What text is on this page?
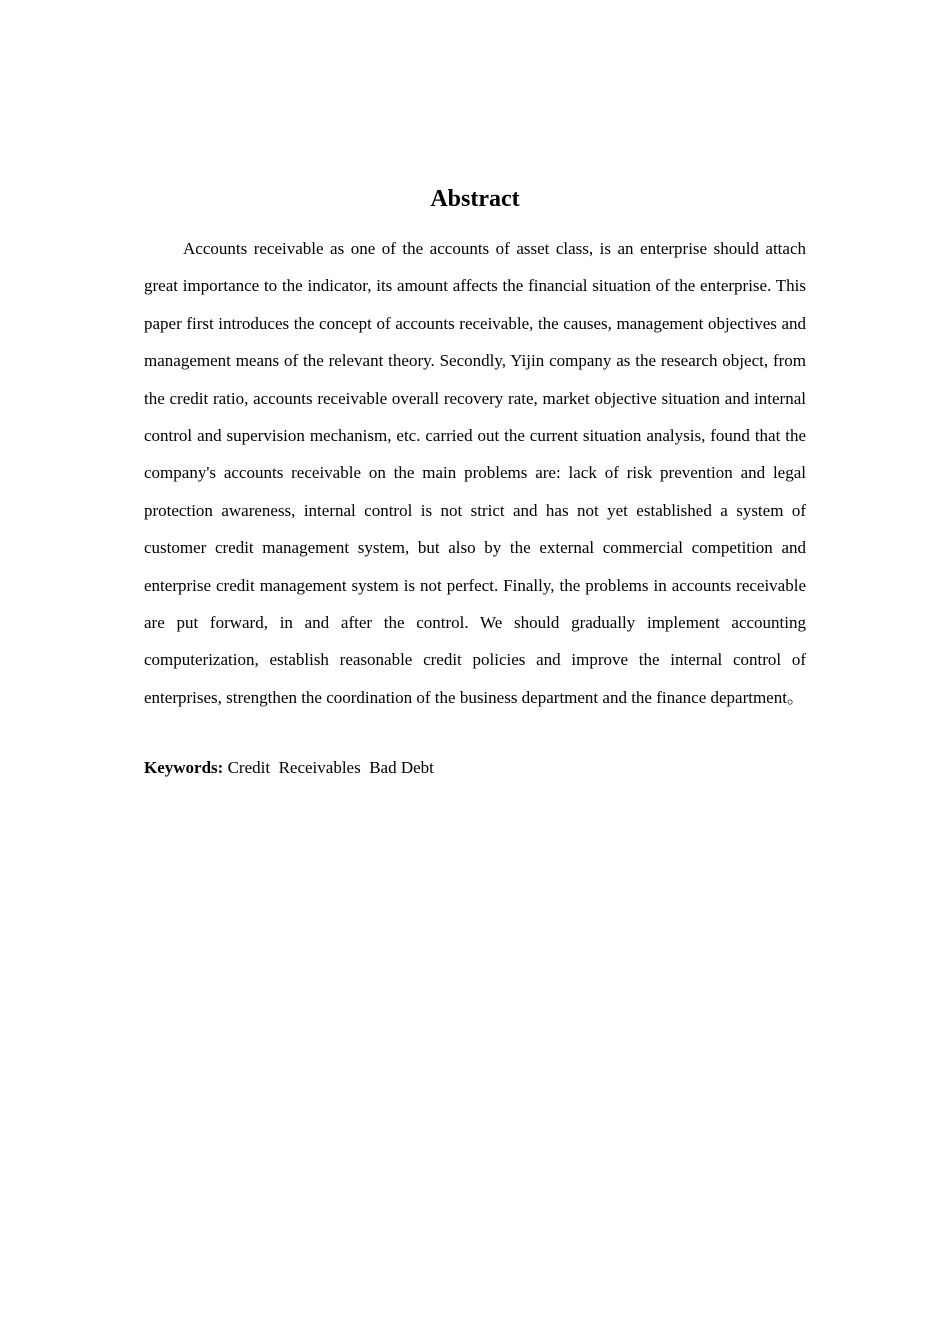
Abstract

Accounts receivable as one of the accounts of asset class, is an enterprise should attach great importance to the indicator, its amount affects the financial situation of the enterprise. This paper first introduces the concept of accounts receivable, the causes, management objectives and management means of the relevant theory. Secondly, Yijin company as the research object, from the credit ratio, accounts receivable overall recovery rate, market objective situation and internal control and supervision mechanism, etc. carried out the current situation analysis, found that the company's accounts receivable on the main problems are: lack of risk prevention and legal protection awareness, internal control is not strict and has not yet established a system of customer credit management system, but also by the external commercial competition and enterprise credit management system is not perfect. Finally, the problems in accounts receivable are put forward, in and after the control. We should gradually implement accounting computerization, establish reasonable credit policies and improve the internal control of enterprises, strengthen the coordination of the business department and the finance department。

Keywords: Credit  Receivables  Bad Debt
